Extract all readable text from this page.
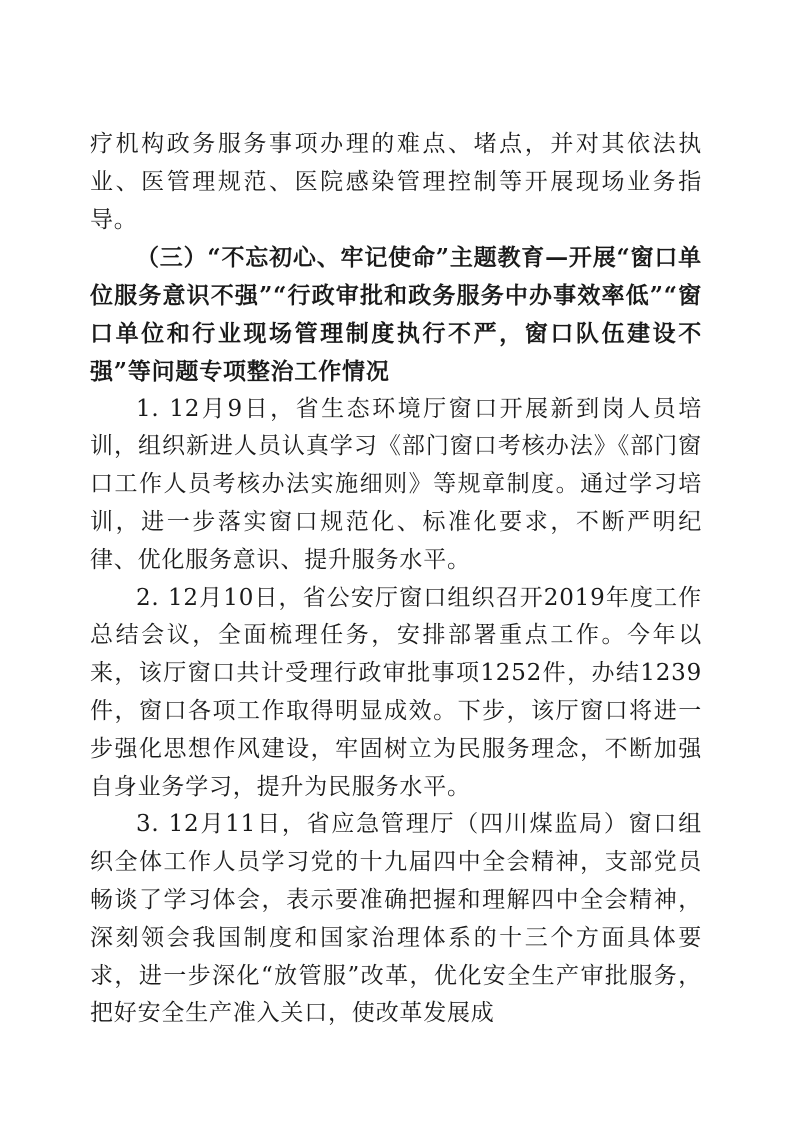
疗机构政务服务事项办理的难点、堵点，并对其依法执业、医管理规范、医院感染管理控制等开展现场业务指导。

（三）“不忘初心、牢记使命”主题教育—开展“窗口单位服务意识不强”“行政审批和政务服务中办事效率低”“窗口单位和行业现场管理制度执行不严，窗口队伍建设不强”等问题专项整治工作情况

1. 12月9日，省生态环境厅窗口开展新到岗人员培训，组织新进人员认真学习《部门窗口考核办法》《部门窗口工作人员考核办法实施细则》等规章制度。通过学习培训，进一步落实窗口规范化、标准化要求，不断严明纪律、优化服务意识、提升服务水平。

2. 12月10日，省公安厅窗口组织召开2019年度工作总结会议，全面梳理任务，安排部署重点工作。今年以来，该厅窗口共计受理行政审批事项1252件，办结1239件，窗口各项工作取得明显成效。下步，该厅窗口将进一步强化思想作风建设，牢固树立为民服务理念，不断加强自身业务学习，提升为民服务水平。

3. 12月11日，省应急管理厅（四川煤监局）窗口组织全体工作人员学习党的十九届四中全会精神，支部党员畅谈了学习体会，表示要准确把握和理解四中全会精神，深刻领会我国制度和国家治理体系的十三个方面具体要求，进一步深化“放管服”改革，优化安全生产审批服务，把好安全生产准入关口，使改革发展成
